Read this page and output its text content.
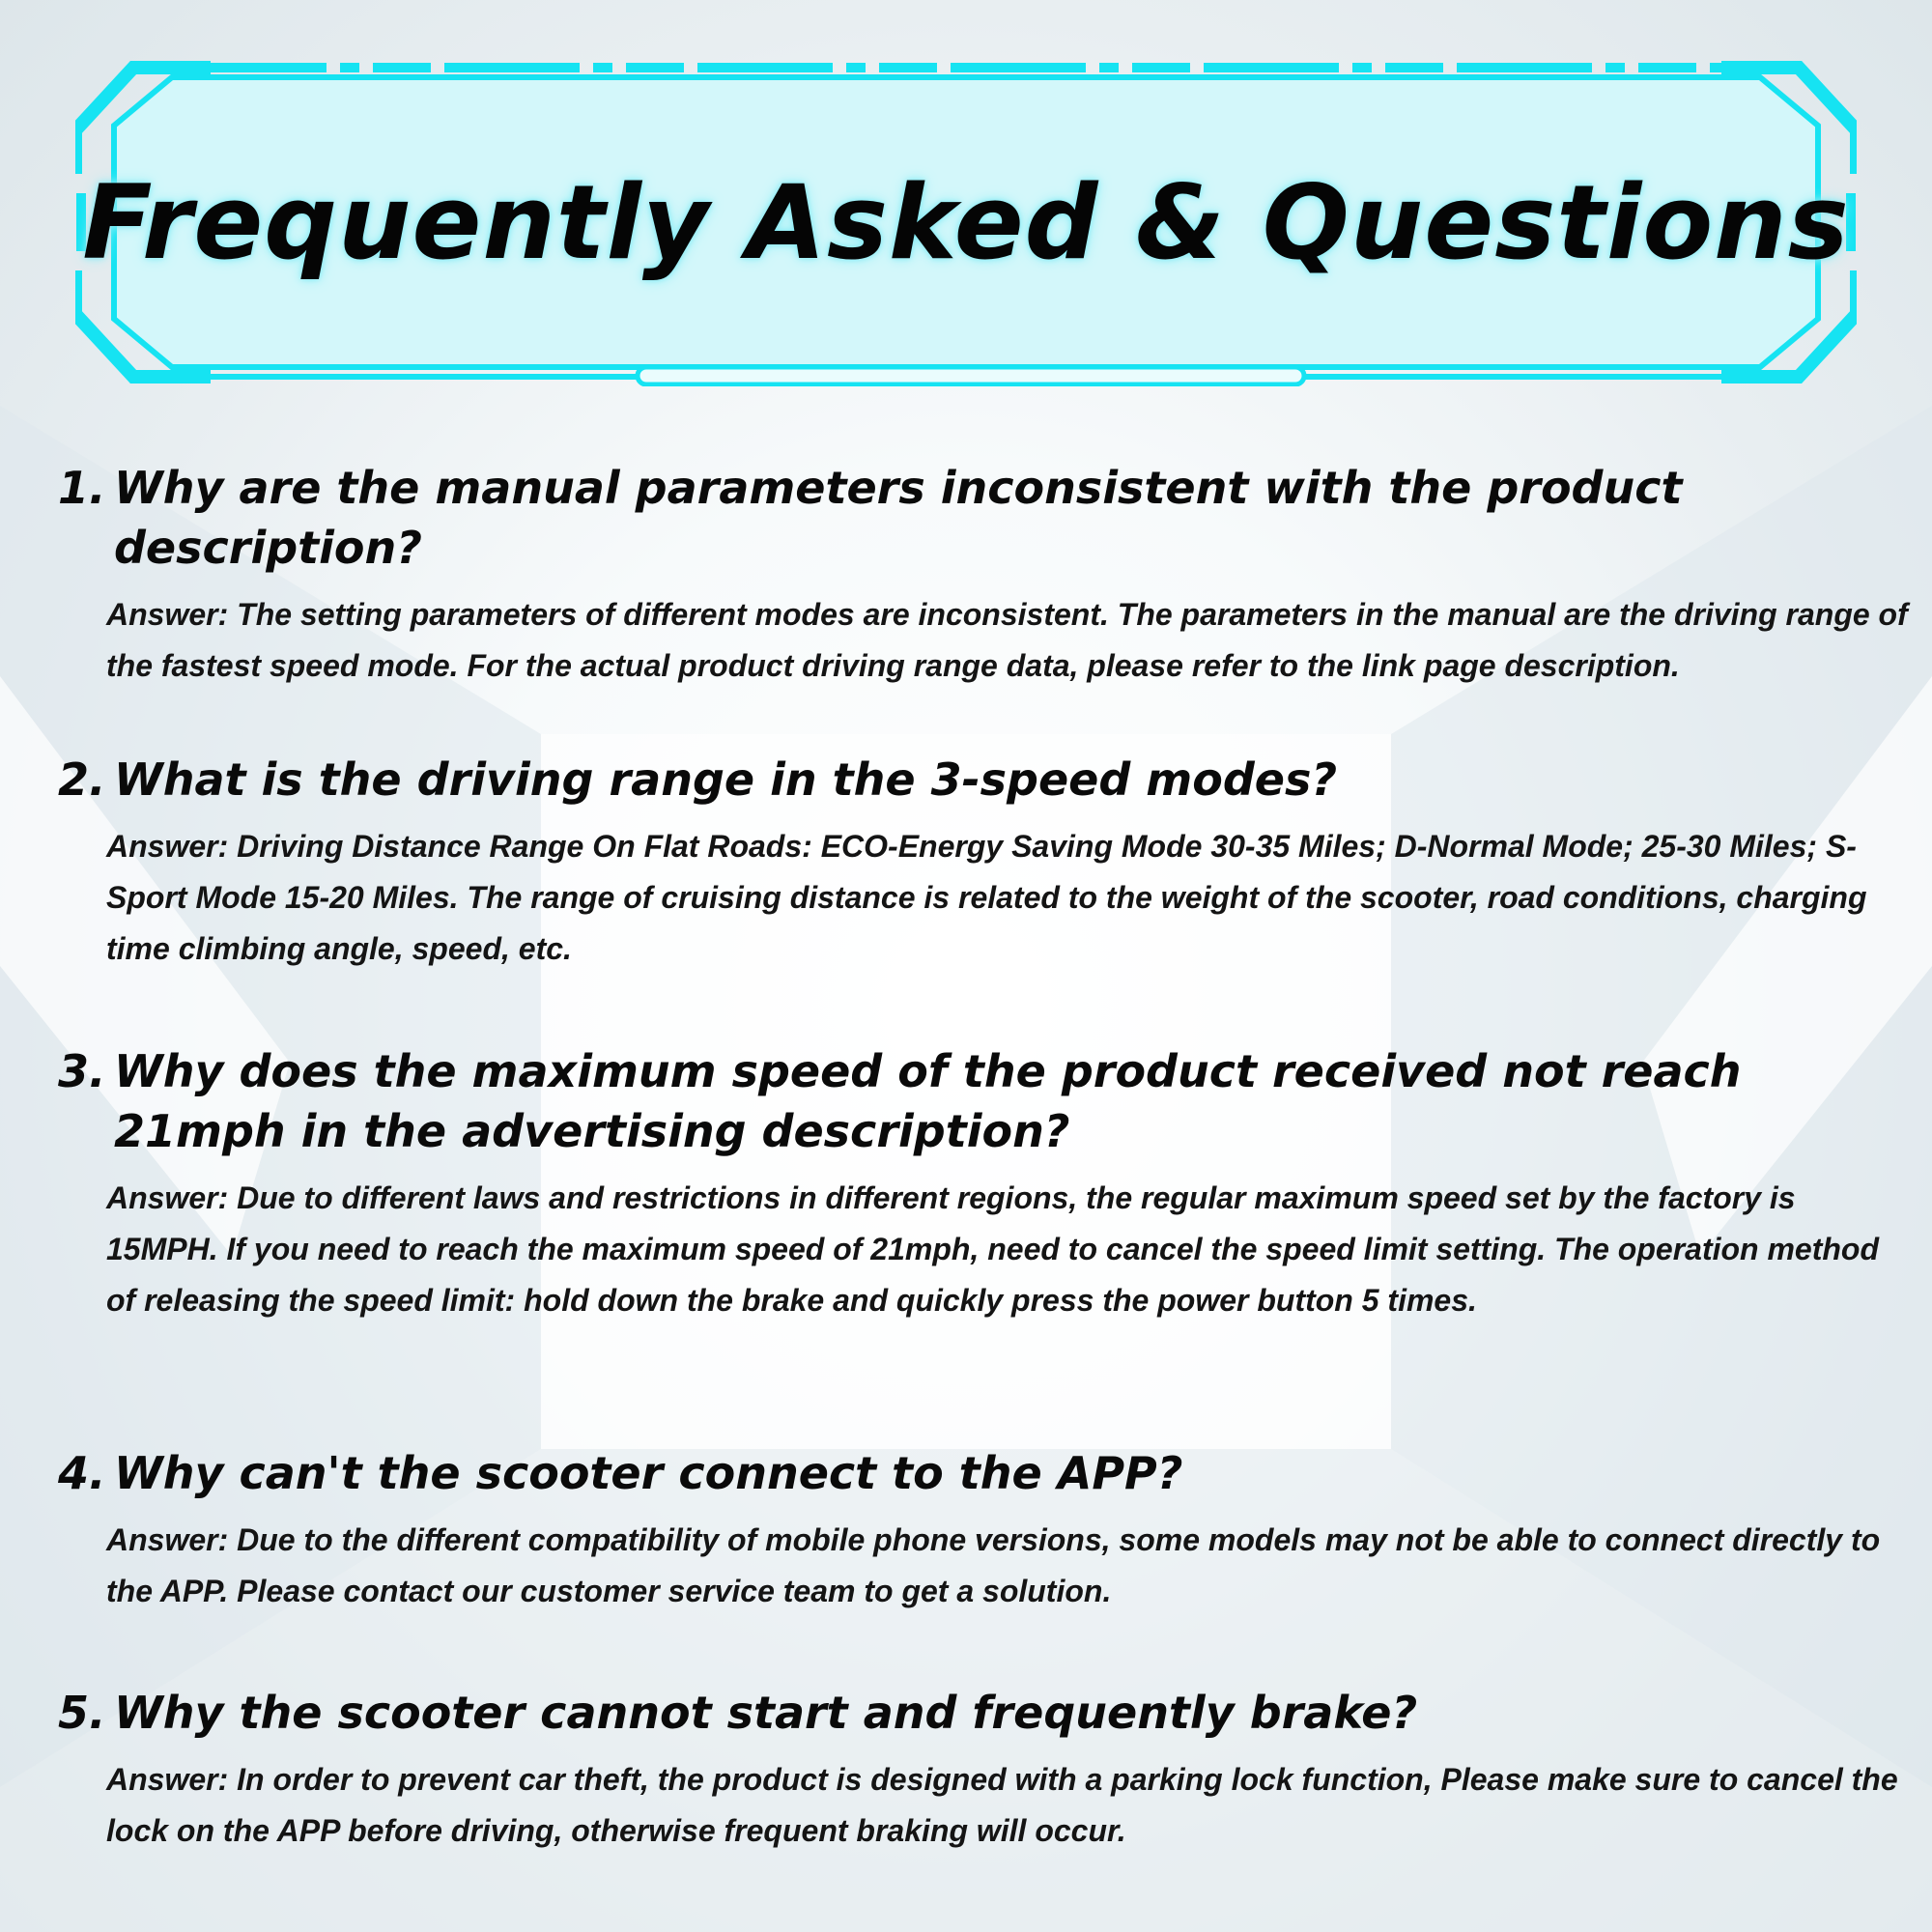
Frequently Asked & Questions
1. Why are the manual parameters inconsistent with the product description?

Answer: The setting parameters of different modes are inconsistent. The parameters in the manual are the driving range of the fastest speed mode. For the actual product driving range data, please refer to the link page description.

2. What is the driving range in the 3-speed modes?

Answer: Driving Distance Range On Flat Roads: ECO-Energy Saving Mode 30-35 Miles; D-Normal Mode; 25-30 Miles; S-Sport Mode 15-20 Miles. The range of cruising distance is related to the weight of the scooter, road conditions, charging time climbing angle, speed, etc.

3. Why does the maximum speed of the product received not reach 21mph in the advertising description?

Answer: Due to different laws and restrictions in different regions, the regular maximum speed set by the factory is 15MPH. If you need to reach the maximum speed of 21mph, need to cancel the speed limit setting. The operation method of releasing the speed limit: hold down the brake and quickly press the power button 5 times.

4. Why can't the scooter connect to the APP?

Answer: Due to the different compatibility of mobile phone versions, some models may not be able to connect directly to the APP. Please contact our customer service team to get a solution.

5. Why the scooter cannot start and frequently brake?

Answer: In order to prevent car theft, the product is designed with a parking lock function, Please make sure to cancel the lock on the APP before driving, otherwise frequent braking will occur.
